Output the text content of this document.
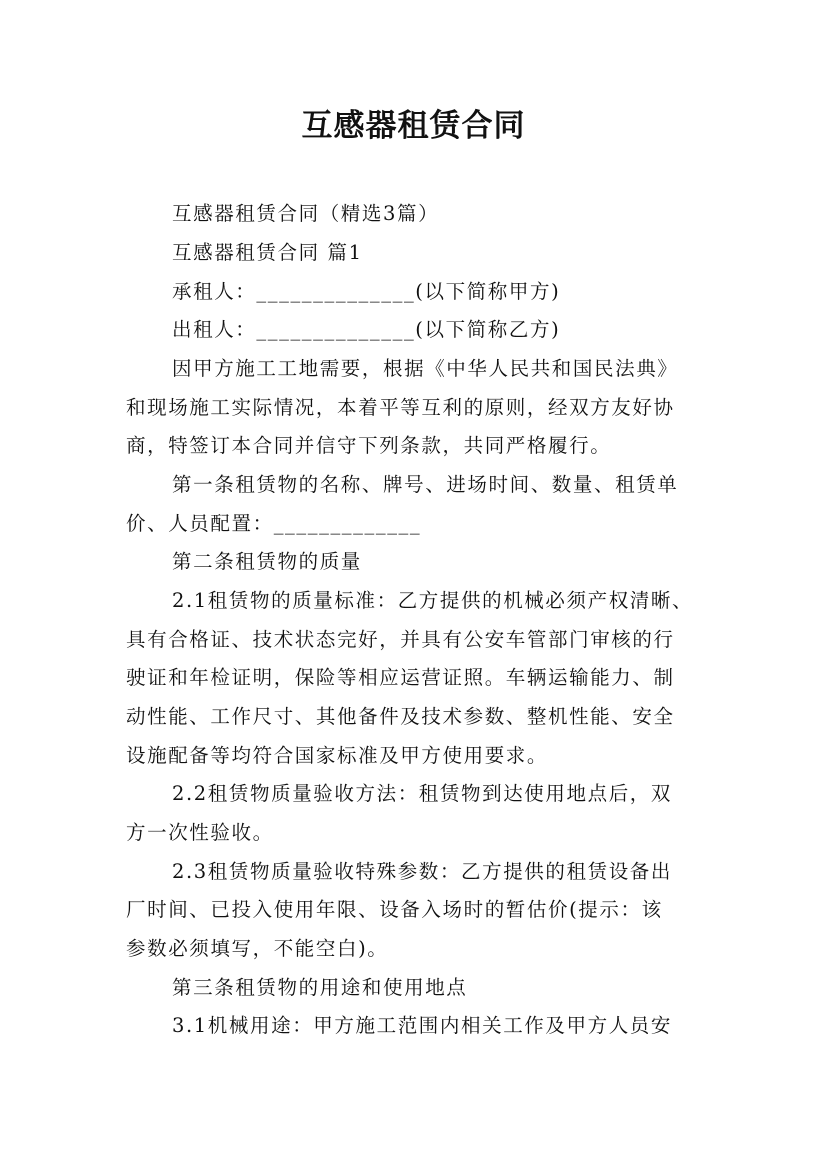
互感器租赁合同
互感器租赁合同（精选3篇）
互感器租赁合同 篇1
承租人：______________(以下简称甲方)
出租人：______________(以下简称乙方)
因甲方施工工地需要，根据《中华人民共和国民法典》
和现场施工实际情况，本着平等互利的原则，经双方友好协
商，特签订本合同并信守下列条款，共同严格履行。
第一条租赁物的名称、牌号、进场时间、数量、租赁单
价、人员配置：_____________
第二条租赁物的质量
2.1租赁物的质量标准：乙方提供的机械必须产权清晰、
具有合格证、技术状态完好，并具有公安车管部门审核的行
驶证和年检证明，保险等相应运营证照。车辆运输能力、制
动性能、工作尺寸、其他备件及技术参数、整机性能、安全
设施配备等均符合国家标准及甲方使用要求。
2.2租赁物质量验收方法：租赁物到达使用地点后，双
方一次性验收。
2.3租赁物质量验收特殊参数：乙方提供的租赁设备出
厂时间、已投入使用年限、设备入场时的暂估价(提示：该
参数必须填写，不能空白)。
第三条租赁物的用途和使用地点
3.1机械用途：甲方施工范围内相关工作及甲方人员安
